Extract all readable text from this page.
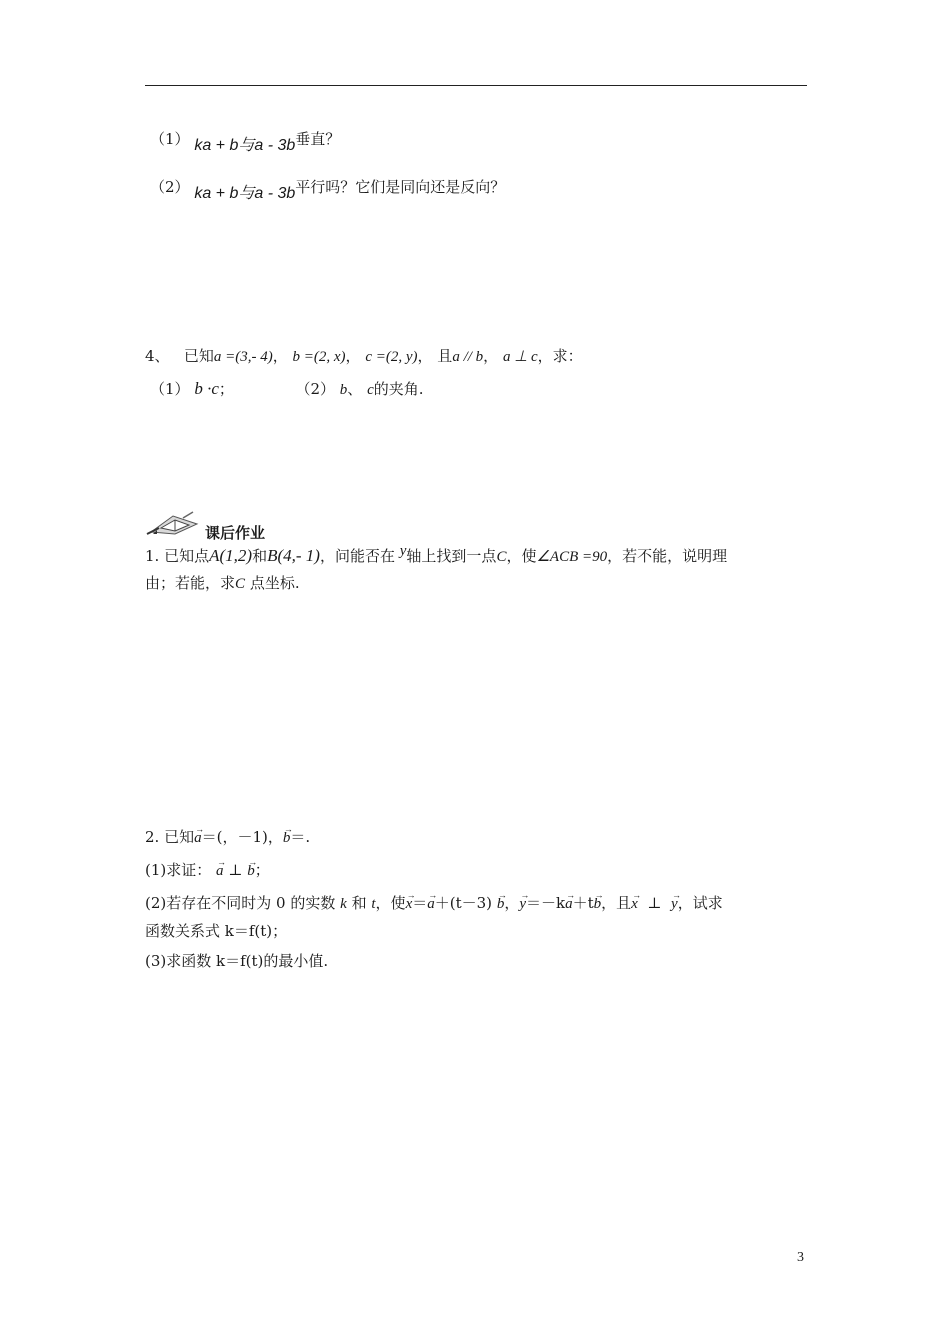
（1） ka + b与a - 3b垂直？
（2） ka + b与a - 3b平行吗？它们是同向还是反向？
4、 已知a =(3,- 4)， b =(2, x)， c =(2, y)， 且a // b， a ⊥ c，求：
（1） b ·c；	（2） b、 c的夹角.
课后作业
1. 已知点A(1,2)和B(4,- 1)，问能否在 y轴上找到一点C，使∠ACB =90，若不能，说明理
由；若能，求C 点坐标.
2. 已知→ a＝(，－1)，→ b＝.
(1)求证： → a ⊥ → b；
(2)若存在不同时为 0 的实数 k 和 t，使→ x＝→ a＋(t－3) → b，→ y＝－k→ a＋t→ b，且→ x ⊥ → y，试求
函数关系式 k＝f(t)；
(3)求函数 k＝f(t)的最小值.
3
